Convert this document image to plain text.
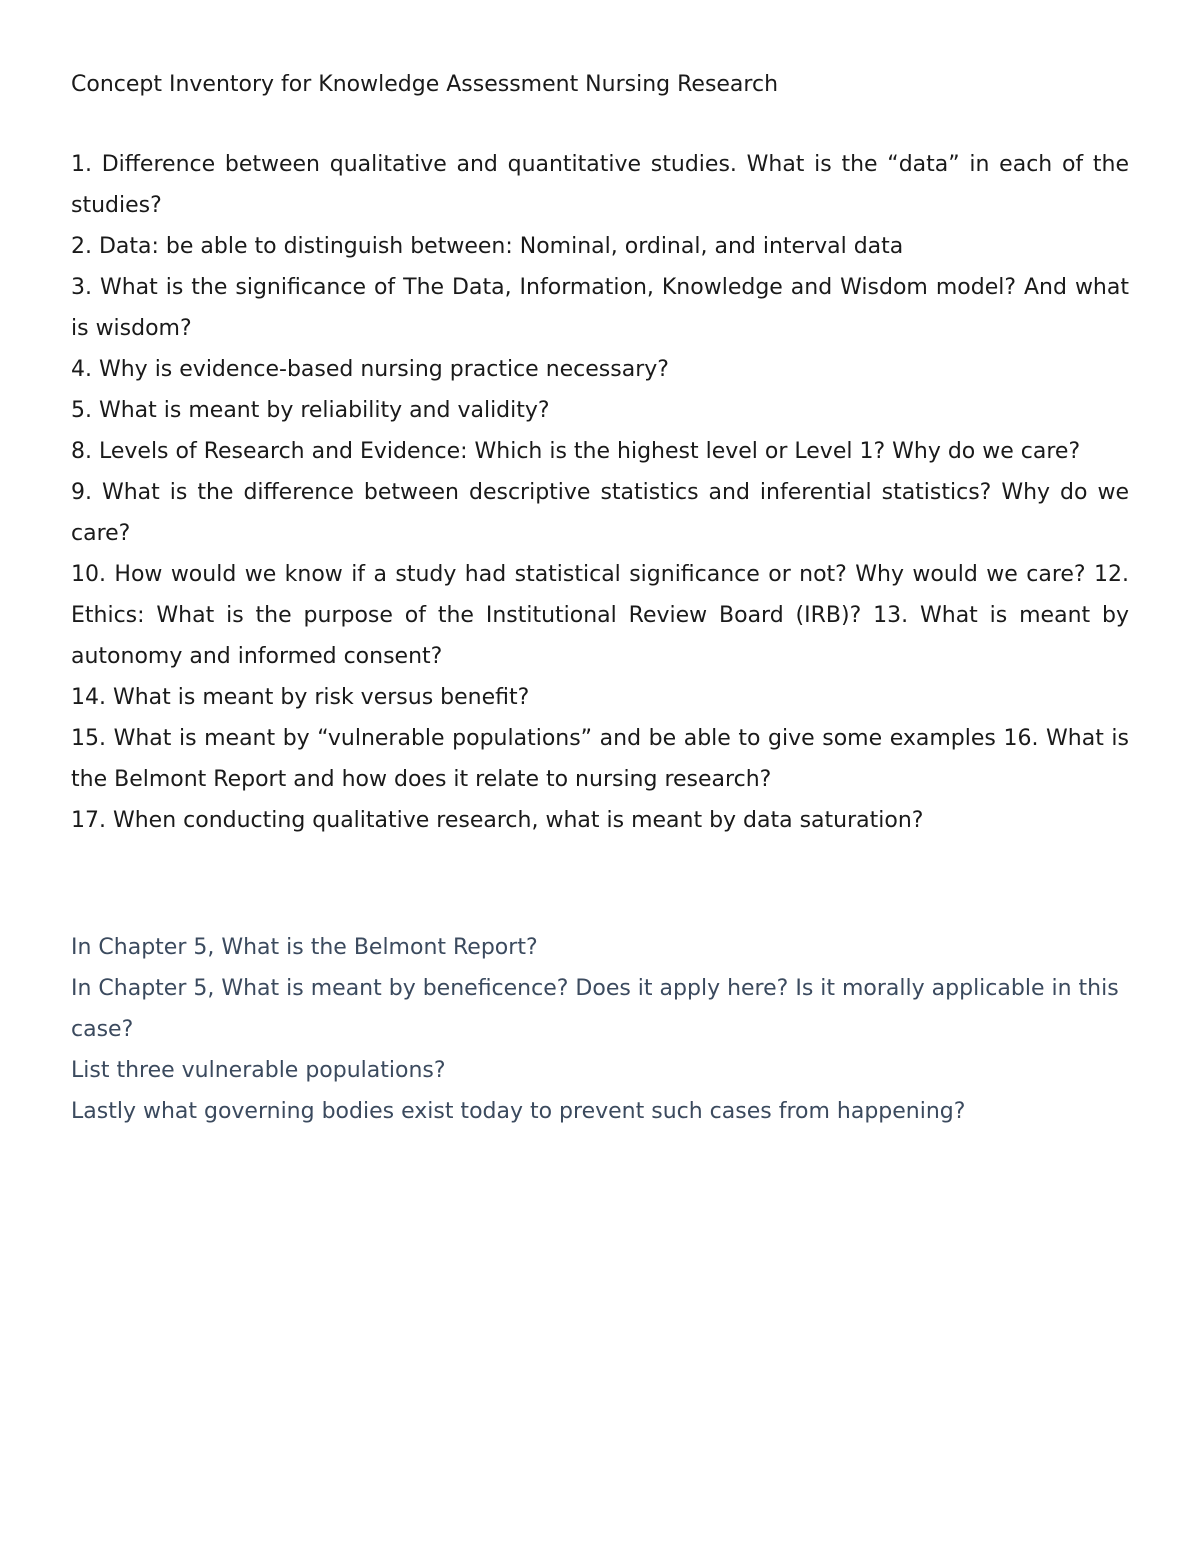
Concept Inventory for Knowledge Assessment Nursing Research

1. Difference between qualitative and quantitative studies. What is the “data” in each of the studies?

2. Data: be able to distinguish between: Nominal, ordinal, and interval data

3. What is the significance of The Data, Information, Knowledge and Wisdom model? And what is wisdom?

4. Why is evidence-based nursing practice necessary?

5. What is meant by reliability and validity?

8. Levels of Research and Evidence: Which is the highest level or Level 1? Why do we care?

9. What is the difference between descriptive statistics and inferential statistics? Why do we care?

10. How would we know if a study had statistical significance or not? Why would we care? 12. Ethics: What is the purpose of the Institutional Review Board (IRB)? 13. What is meant by autonomy and informed consent?

14. What is meant by risk versus benefit?

15. What is meant by “vulnerable populations” and be able to give some examples 16. What is the Belmont Report and how does it relate to nursing research?

17. When conducting qualitative research, what is meant by data saturation?

In Chapter 5, What is the Belmont Report?

In Chapter 5, What is meant by beneficence? Does it apply here? Is it morally applicable in this case?

List three vulnerable populations?

Lastly what governing bodies exist today to prevent such cases from happening?
